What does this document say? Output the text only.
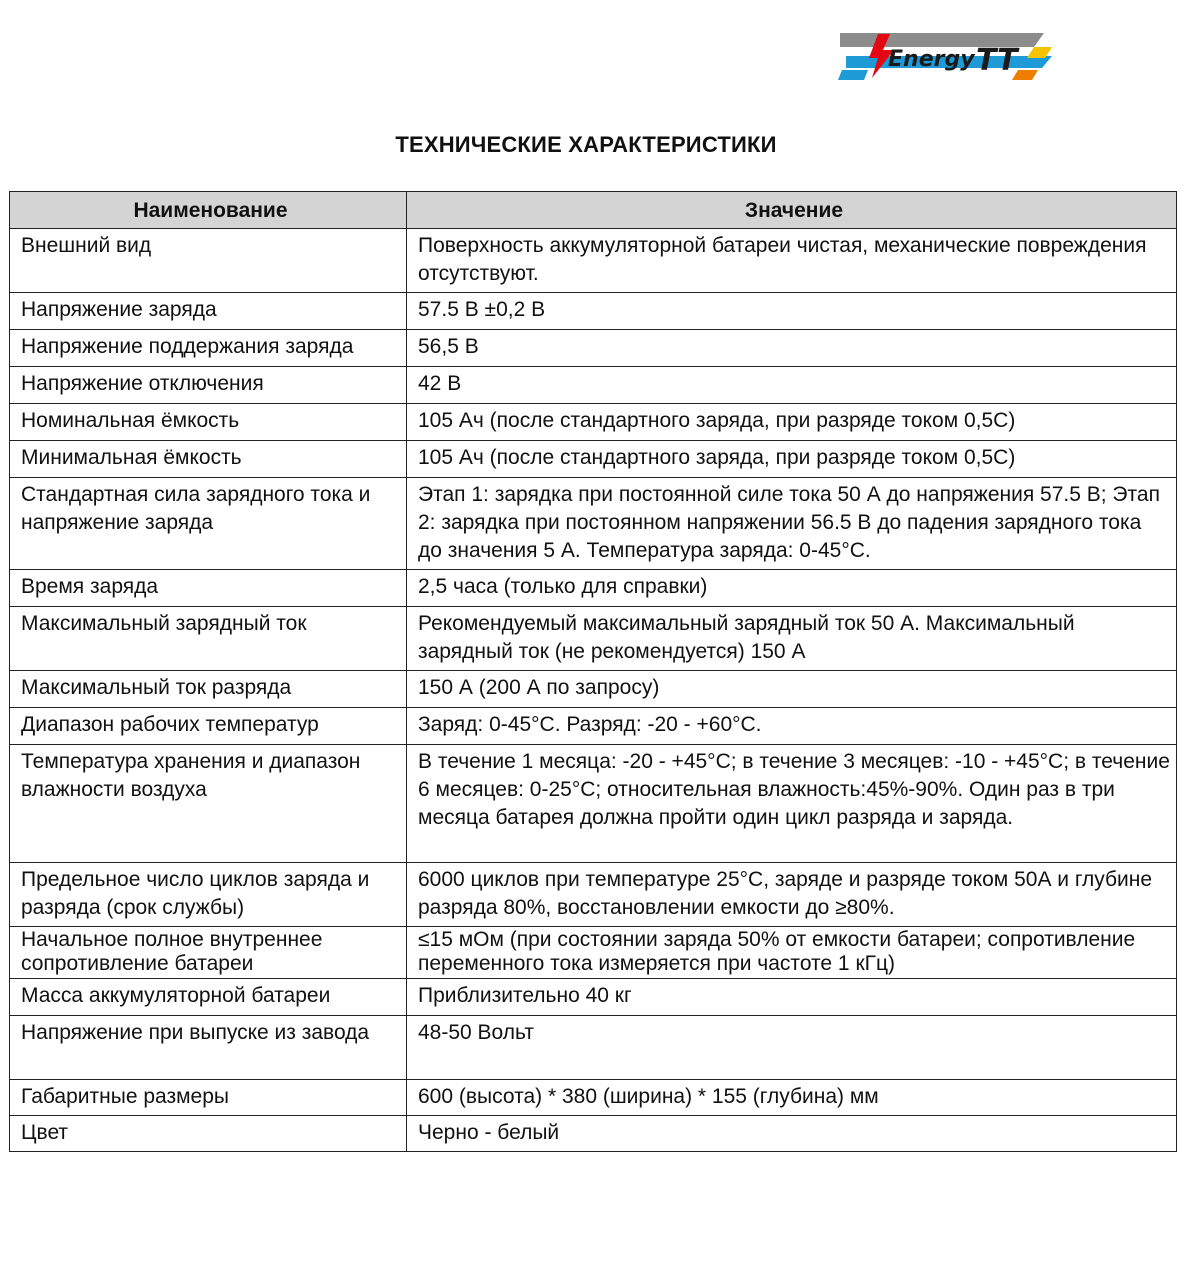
Energy TT
ТЕХНИЧЕСКИЕ ХАРАКТЕРИСТИКИ
Наименование	Значение
Внешний вид	Поверхность аккумуляторной батареи чистая, механические повреждения отсутствуют.
Напряжение заряда	57.5 В ±0,2 В
Напряжение поддержания заряда	56,5 В
Напряжение отключения	42 В
Номинальная ёмкость	105 Ач (после стандартного заряда, при разряде током 0,5С)
Минимальная ёмкость	105 Ач (после стандартного заряда, при разряде током 0,5С)
Стандартная сила зарядного тока и напряжение заряда	Этап 1: зарядка при постоянной силе тока 50 А до напряжения 57.5 В; Этап 2: зарядка при постоянном напряжении 56.5 В до падения зарядного тока до значения 5 А. Температура заряда: 0-45°С.
Время заряда	2,5 часа (только для справки)
Максимальный зарядный ток	Рекомендуемый максимальный зарядный ток 50 А. Максимальный зарядный ток (не рекомендуется) 150 А
Максимальный ток разряда	150 А (200 А по запросу)
Диапазон рабочих температур	Заряд: 0-45°С. Разряд: -20 - +60°С.
Температура хранения и диапазон влажности воздуха	В течение 1 месяца: -20 - +45°С; в течение 3 месяцев: -10 - +45°С; в течение 6 месяцев: 0-25°С; относительная влажность:45%-90%. Один раз в три месяца батарея должна пройти один цикл разряда и заряда.
Предельное число циклов заряда и разряда (срок службы)	6000 циклов при температуре 25°С, заряде и разряде током 50А и глубине разряда 80%, восстановлении емкости до ≥80%.
Начальное полное внутреннее сопротивление батареи	≤15 мОм (при состоянии заряда 50% от емкости батареи; сопротивление переменного тока измеряется при частоте 1 кГц)
Масса аккумуляторной батареи	Приблизительно 40 кг
Напряжение при выпуске из завода	48-50 Вольт
Габаритные размеры	600 (высота) * 380 (ширина) * 155 (глубина) мм
Цвет	Черно - белый
